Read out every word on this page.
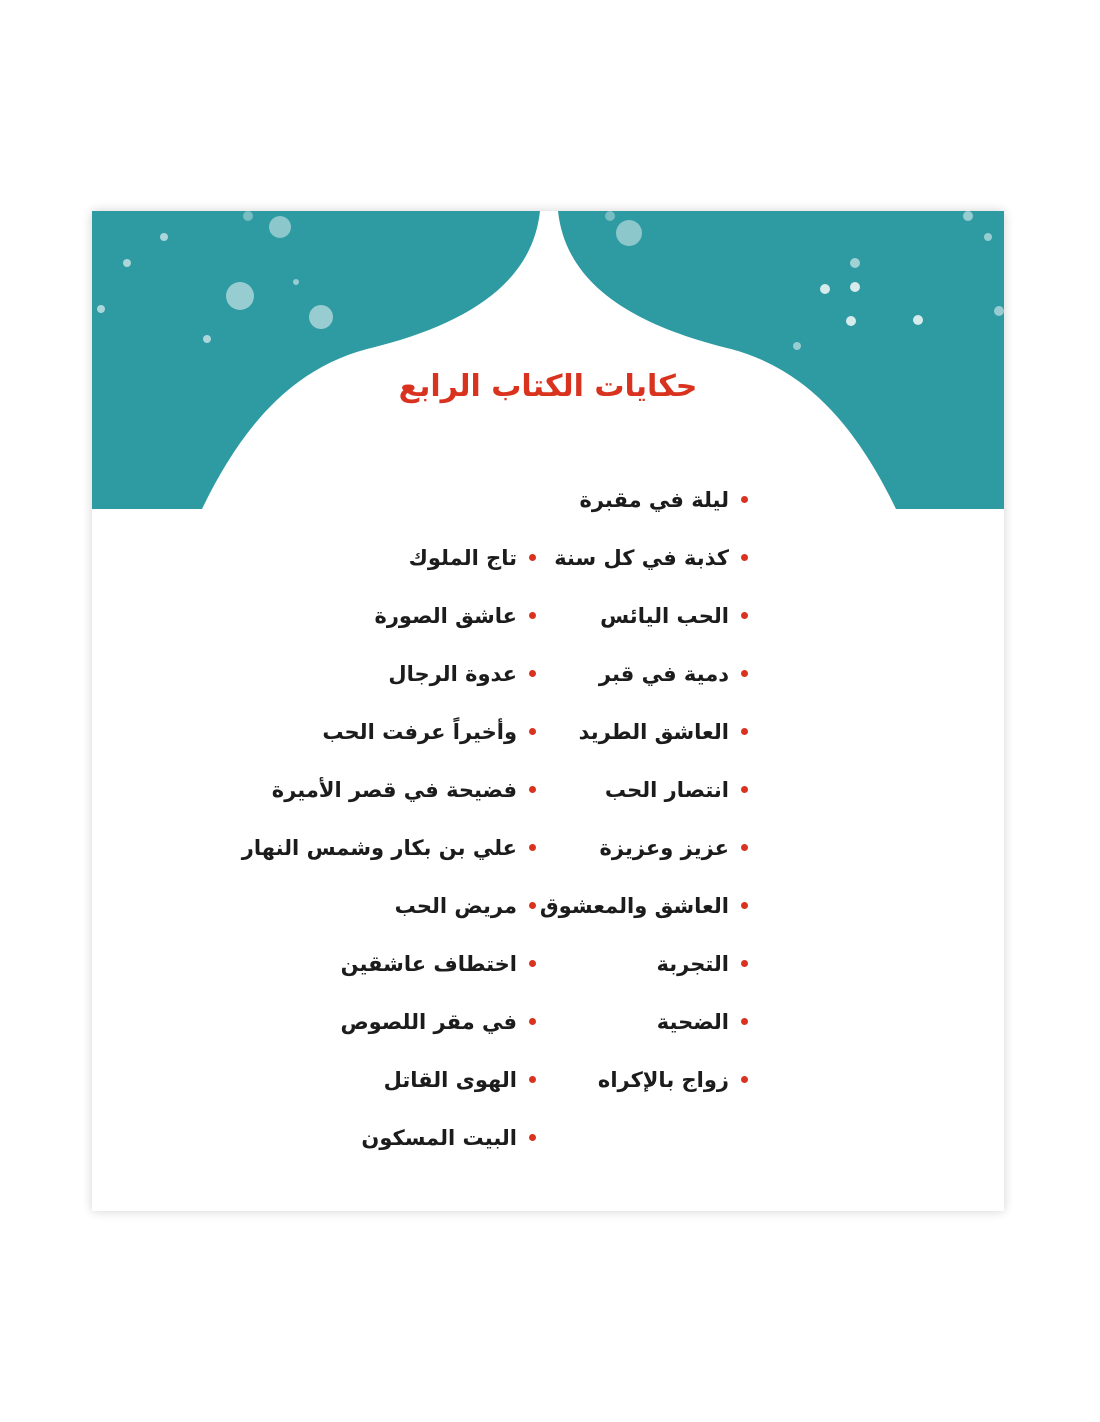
حكايات الكتاب الرابع
ليلة في مقبرة
كذبة في كل سنة
الحب اليائس
دمية في قبر
العاشق الطريد
انتصار الحب
عزيز وعزيزة
العاشق والمعشوق
التجربة
الضحية
زواج بالإكراه
تاج الملوك
عاشق الصورة
عدوة الرجال
وأخيراً عرفت الحب
فضيحة في قصر الأميرة
علي بن بكار وشمس النهار
مريض الحب
اختطاف عاشقين
في مقر اللصوص
الهوى القاتل
البيت المسكون
